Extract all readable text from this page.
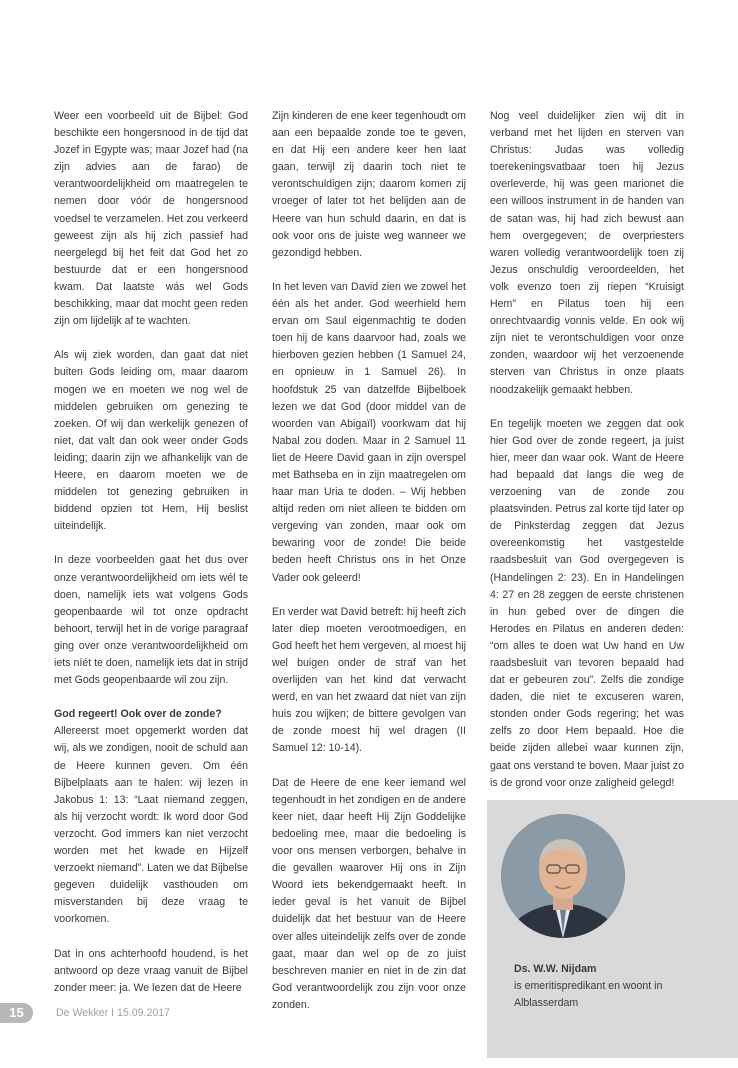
Weer een voorbeeld uit de Bijbel: God beschikte een hongersnood in de tijd dat Jozef in Egypte was; maar Jozef had (na zijn advies aan de farao) de verantwoordelijkheid om maatregelen te nemen door vóór de hongersnood voedsel te verzamelen. Het zou verkeerd geweest zijn als hij zich passief had neergelegd bij het feit dat God het zo bestuurde dat er een hongersnood kwam. Dat laatste wás wel Gods beschikking, maar dat mocht geen reden zijn om lijdelijk af te wachten.

Als wij ziek worden, dan gaat dat niet buiten Gods leiding om, maar daarom mogen we en moeten we nog wel de middelen gebruiken om genezing te zoeken. Of wij dan werkelijk genezen of niet, dat valt dan ook weer onder Gods leiding; daarin zijn we afhankelijk van de Heere, en daarom moeten we de middelen tot genezing gebruiken in biddend opzien tot Hem, Hij beslist uiteindelijk.

In deze voorbeelden gaat het dus over onze verantwoordelijkheid om iets wél te doen, namelijk iets wat volgens Gods geopenbaarde wil tot onze opdracht behoort, terwijl het in de vorige paragraaf ging over onze verantwoordelijkheid om iets níét te doen, namelijk iets dat in strijd met Gods geopenbaarde wil zou zijn.

God regeert! Ook over de zonde?

Allereerst moet opgemerkt worden dat wij, als we zondigen, nooit de schuld aan de Heere kunnen geven. Om één Bijbelplaats aan te halen: wij lezen in Jakobus 1: 13: “Laat niemand zeggen, als hij verzocht wordt: Ik word door God verzocht. God immers kan niet verzocht worden met het kwade en Hijzelf verzoekt niemand”. Laten we dat Bijbelse gegeven duidelijk vasthouden om misverstanden bij deze vraag te voorkomen.

Dat in ons achterhoofd houdend, is het antwoord op deze vraag vanuit de Bijbel zonder meer: ja. We lezen dat de Heere

Zijn kinderen de ene keer tegenhoudt om aan een bepaalde zonde toe te geven, en dat Hij een andere keer hen laat gaan, terwijl zij daarin toch niet te verontschuldigen zijn; daarom komen zij vroeger of later tot het belijden aan de Heere van hun schuld daarin, en dat is ook voor ons de juiste weg wanneer we gezondigd hebben.

In het leven van David zien we zowel het één als het ander. God weerhield hem ervan om Saul eigenmachtig te doden toen hij de kans daarvoor had, zoals we hierboven gezien hebben (1 Samuel 24, en opnieuw in 1 Samuel 26). In hoofdstuk 25 van datzelfde Bijbelboek lezen we dat God (door middel van de woorden van Abigaïl) voorkwam dat hij Nabal zou doden. Maar in 2 Samuel 11 liet de Heere David gaan in zijn overspel met Bathseba en in zijn maatregelen om haar man Uria te doden. – Wij hebben altijd reden om niet alleen te bidden om vergeving van zonden, maar ook om bewaring voor de zonde! Die beide beden heeft Christus ons in het Onze Vader ook geleerd!

En verder wat David betreft: hij heeft zich later diep moeten verootmoedigen, en God heeft het hem vergeven, al moest hij wel buigen onder de straf van het overlijden van het kind dat verwacht werd, en van het zwaard dat niet van zijn huis zou wijken; de bittere gevolgen van de zonde moest hij wel dragen (II Samuel 12: 10-14).

Dat de Heere de ene keer iemand wel tegenhoudt in het zondigen en de andere keer niet, daar heeft Hij Zijn Goddelijke bedoeling mee, maar die bedoeling is voor ons mensen verborgen, behalve in die gevallen waarover Hij ons in Zijn Woord iets bekendgemaakt heeft. In ieder geval is het vanuit de Bijbel duidelijk dat het bestuur van de Heere over alles uiteindelijk zelfs over de zonde gaat, maar dan wel op de zo juist beschreven manier en niet in de zin dat God verantwoordelijk zou zijn voor onze zonden.

Nog veel duidelijker zien wij dit in verband met het lijden en sterven van Christus: Judas was volledig toerekeningsvatbaar toen hij Jezus overleverde, hij was geen marionet die een willoos instrument in de handen van de satan was, hij had zich bewust aan hem overgegeven; de overpriesters waren volledig verantwoordelijk toen zij Jezus onschuldig veroordeelden, het volk evenzo toen zij riepen “Kruisigt Hem” en Pilatus toen hij een onrechtvaardig vonnis velde. En ook wij zijn niet te verontschuldigen voor onze zonden, waardoor wij het verzoenende sterven van Christus in onze plaats noodzakelijk gemaakt hebben.

En tegelijk moeten we zeggen dat ook hier God over de zonde regeert, ja juist hier, meer dan waar ook. Want de Heere had bepaald dat langs die weg de verzoening van de zonde zou plaatsvinden. Petrus zal korte tijd later op de Pinksterdag zeggen dat Jezus overeenkomstig het vastgestelde raadsbesluit van God overgegeven is (Handelingen 2: 23). En in Handelingen 4: 27 en 28 zeggen de eerste christenen in hun gebed over de dingen die Herodes en Pilatus en anderen deden: “om alles te doen wat Uw hand en Uw raadsbesluit van tevoren bepaald had dat er gebeuren zou”. Zelfs die zondige daden, die niet te excuseren waren, stonden onder Gods regering; het was zelfs zo door Hem bepaald. Hoe die beide zijden allebei waar kunnen zijn, gaat ons verstand te boven. Maar juist zo is de grond voor onze zaligheid gelegd!

Ds. W.W. Nijdam
is emeritispredikant en woont in
Alblasserdam
15	De Wekker I 15.09.2017
